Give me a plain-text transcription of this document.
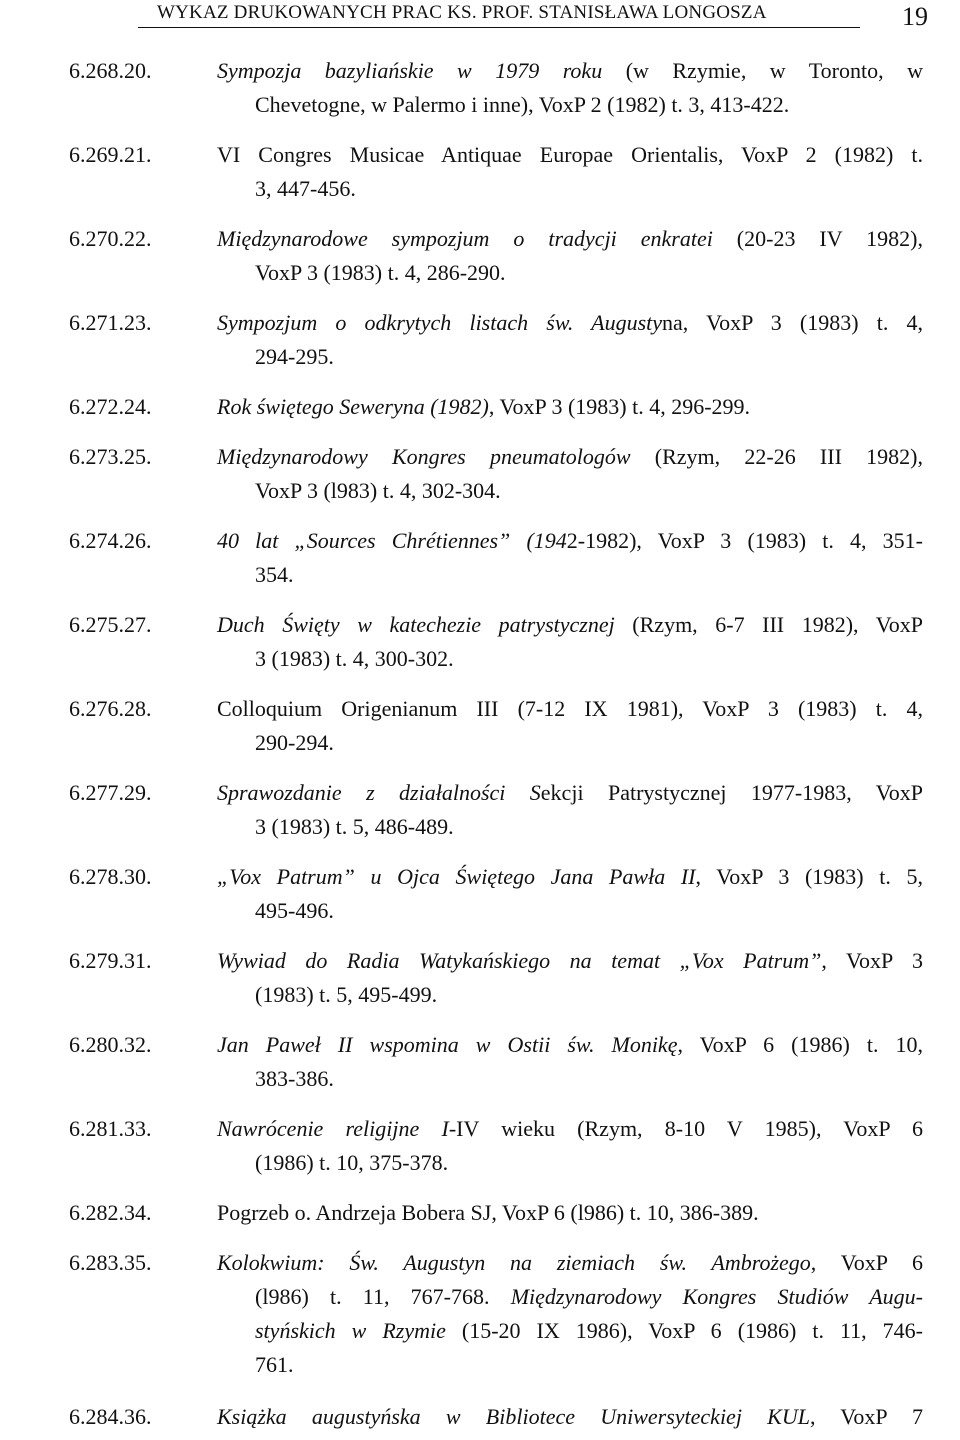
WYKAZ DRUKOWANYCH PRAC KS. PROF. STANISŁAWA LONGOSZA	19
6.268.20.	Sympozja bazyliańskie w 1979 roku (w Rzymie, w Toronto, w
Chevetogne, w Palermo i inne), VoxP 2 (1982) t. 3, 413-422.
6.269.21.	VI Congres Musicae Antiquae Europae Orientalis, VoxP 2 (1982) t.
3, 447-456.
6.270.22.	Międzynarodowe sympozjum o tradycji enkratei (20-23 IV 1982),
VoxP 3 (1983) t. 4, 286-290.
6.271.23.	Sympozjum o odkrytych listach św. Augustyna, VoxP 3 (1983) t. 4,
294-295.
6.272.24.	Rok świętego Seweryna (1982), VoxP 3 (1983) t. 4, 296-299.
6.273.25.	Międzynarodowy Kongres pneumatologów (Rzym, 22-26 III 1982),
VoxP 3 (l983) t. 4, 302-304.
6.274.26.	40 lat „Sources Chrétiennes” (1942-1982), VoxP 3 (1983) t. 4, 351-
354.
6.275.27.	Duch Święty w katechezie patrystycznej (Rzym, 6-7 III 1982), VoxP
3 (1983) t. 4, 300-302.
6.276.28.	Colloquium Origenianum III (7-12 IX 1981), VoxP 3 (1983) t. 4,
290-294.
6.277.29.	Sprawozdanie z działalności Sekcji Patrystycznej 1977-1983, VoxP
3 (1983) t. 5, 486-489.
6.278.30.	„Vox Patrum” u Ojca Świętego Jana Pawła II, VoxP 3 (1983) t. 5,
495-496.
6.279.31.	Wywiad do Radia Watykańskiego na temat „Vox Patrum”, VoxP 3
(1983) t. 5, 495-499.
6.280.32.	Jan Paweł II wspomina w Ostii św. Monikę, VoxP 6 (1986) t. 10,
383-386.
6.281.33.	Nawrócenie religijne I-IV wieku (Rzym, 8-10 V 1985), VoxP 6
(1986) t. 10, 375-378.
6.282.34.	Pogrzeb o. Andrzeja Bobera SJ, VoxP 6 (l986) t. 10, 386-389.
6.283.35.	Kolokwium: Św. Augustyn na ziemiach św. Ambrożego, VoxP 6
(l986) t. 11, 767-768. Międzynarodowy Kongres Studiów Augu-
styńskich w Rzymie (15-20 IX 1986), VoxP 6 (1986) t. 11, 746-
761.
6.284.36.	Książka augustyńska w Bibliotece Uniwersyteckiej KUL, VoxP 7
